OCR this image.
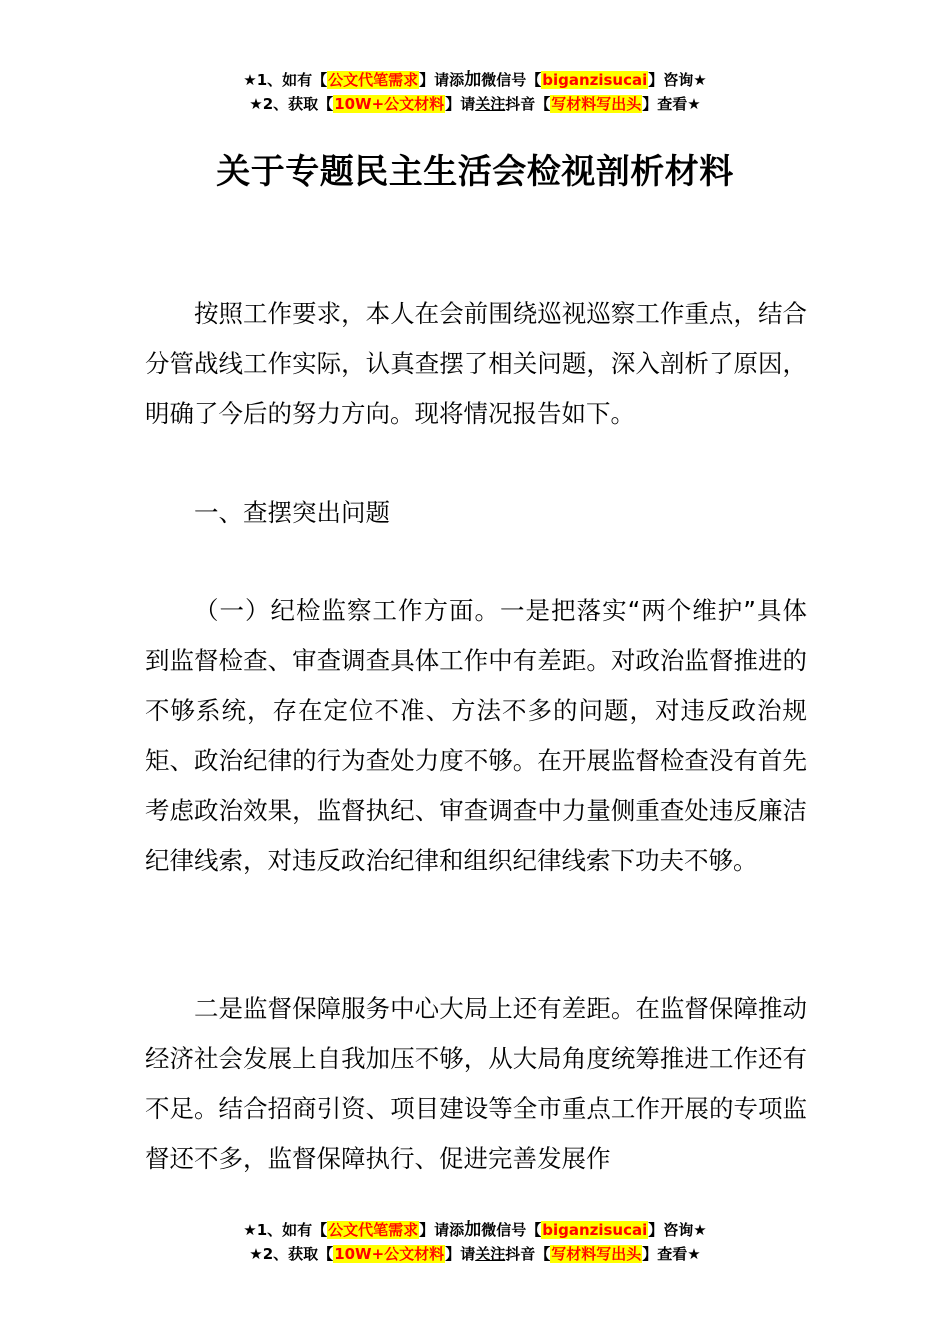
★1、如有【公文代笔需求】请添加微信号【biganzisucai】咨询★
★2、获取【10W+公文材料】请关注抖音【写材料写出头】查看★
关于专题民主生活会检视剖析材料

按照工作要求，本人在会前围绕巡视巡察工作重点，结合分管战线工作实际，认真查摆了相关问题，深入剖析了原因，明确了今后的努力方向。现将情况报告如下。

一、查摆突出问题

（一）纪检监察工作方面。一是把落实“两个维护”具体到监督检查、审查调查具体工作中有差距。对政治监督推进的不够系统，存在定位不准、方法不多的问题，对违反政治规矩、政治纪律的行为查处力度不够。在开展监督检查没有首先考虑政治效果，监督执纪、审查调查中力量侧重查处违反廉洁纪律线索，对违反政治纪律和组织纪律线索下功夫不够。

二是监督保障服务中心大局上还有差距。在监督保障推动经济社会发展上自我加压不够，从大局角度统筹推进工作还有不足。结合招商引资、项目建设等全市重点工作开展的专项监督还不多，监督保障执行、促进完善发展作

★1、如有【公文代笔需求】请添加微信号【biganzisucai】咨询★
★2、获取【10W+公文材料】请关注抖音【写材料写出头】查看★
